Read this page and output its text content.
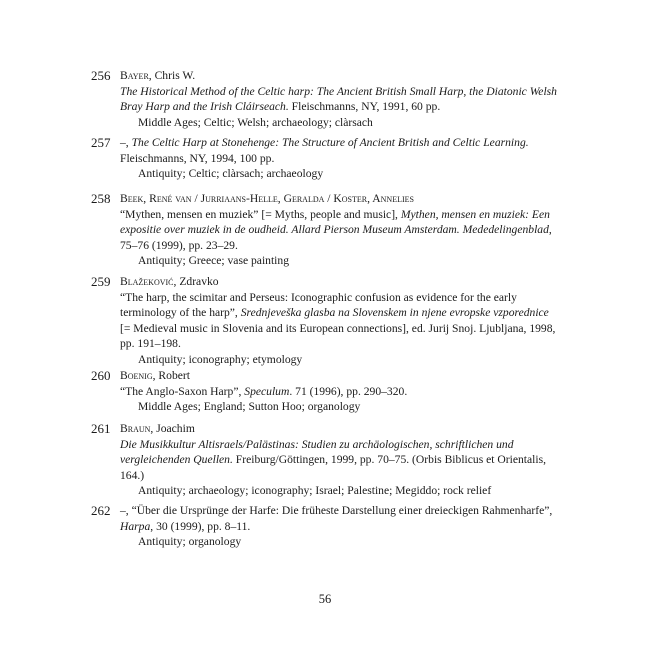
256 Bayer, Chris W.
The Historical Method of the Celtic harp: The Ancient British Small Harp, the Diatonic Welsh Bray Harp and the Irish Cláirseach. Fleischmanns, NY, 1991, 60 pp.
Middle Ages; Celtic; Welsh; archaeology; clàrsach
257 –, The Celtic Harp at Stonehenge: The Structure of Ancient British and Celtic Learning. Fleischmanns, NY, 1994, 100 pp.
Antiquity; Celtic; clàrsach; archaeology
258 Beek, René van / Jurriaans-Helle, Geralda / Koster, Annelies
“Mythen, mensen en muziek” [= Myths, people and music], Mythen, mensen en muziek: Een expositie over muziek in de oudheid. Allard Pierson Museum Amsterdam. Mededelingenblad, 75–76 (1999), pp. 23–29.
Antiquity; Greece; vase painting
259 Blažeković, Zdravko
“The harp, the scimitar and Perseus: Iconographic confusion as evidence for the early terminology of the harp”, Srednjeveška glasba na Slovenskem in njene evropske vzporednice [= Medieval music in Slovenia and its European connections], ed. Jurij Snoj. Ljubljana, 1998, pp. 191–198.
Antiquity; iconography; etymology
260 Boenig, Robert
“The Anglo-Saxon Harp”, Speculum. 71 (1996), pp. 290–320.
Middle Ages; England; Sutton Hoo; organology
261 Braun, Joachim
Die Musikkultur Altisraels/Palästinas: Studien zu archäologischen, schriftlichen und vergleichenden Quellen. Freiburg/Göttingen, 1999, pp. 70–75. (Orbis Biblicus et Orientalis, 164.)
Antiquity; archaeology; iconography; Israel; Palestine; Megiddo; rock relief
262 –, “Über die Ursprünge der Harfe: Die früheste Darstellung einer dreieckigen Rahmenharfe”, Harpa, 30 (1999), pp. 8–11.
Antiquity; organology
56
